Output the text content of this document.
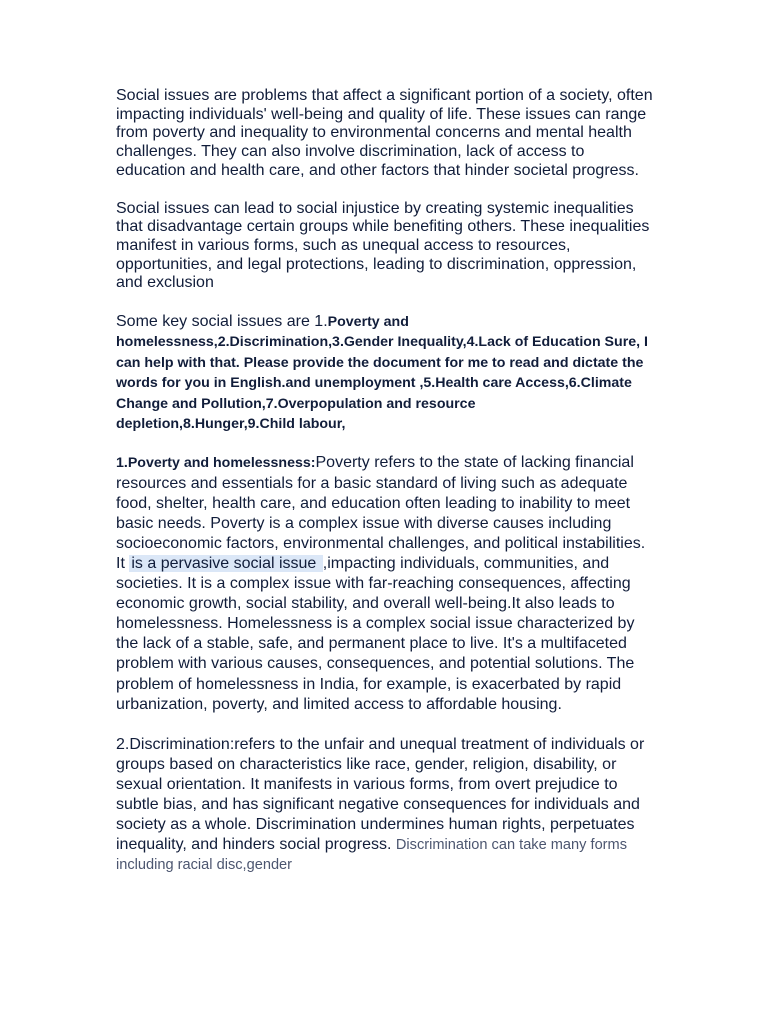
Social issues are problems that affect a significant portion of a society, often impacting individuals' well-being and quality of life. These issues can range from poverty and inequality to environmental concerns and mental health challenges. They can also involve discrimination, lack of access to education and health care, and other factors that hinder societal progress.

Social issues can lead to social injustice by creating systemic inequalities that disadvantage certain groups while benefiting others. These inequalities manifest in various forms, such as unequal access to resources, opportunities, and legal protections, leading to discrimination, oppression, and exclusion

Some key social issues are 1.Poverty and homelessness,2.Discrimination,3.Gender Inequality,4.Lack of Education Sure, I can help with that. Please provide the document for me to read and dictate the words for you in English.and unemployment ,5.Health care Access,6.Climate Change and Pollution,7.Overpopulation and resource depletion,8.Hunger,9.Child labour,

1.Poverty and homelessness:Poverty refers to the state of lacking financial resources and essentials for a basic standard of living such as adequate food, shelter, health care, and education often leading to inability to meet basic needs. Poverty is a complex issue with diverse causes including socioeconomic factors, environmental challenges, and political instabilities. It is a pervasive social issue ,impacting individuals, communities, and societies. It is a complex issue with far-reaching consequences, affecting economic growth, social stability, and overall well-being.It also leads to homelessness. Homelessness is a complex social issue characterized by the lack of a stable, safe, and permanent place to live. It's a multifaceted problem with various causes, consequences, and potential solutions. The problem of homelessness in India, for example, is exacerbated by rapid urbanization, poverty, and limited access to affordable housing.

2.Discrimination:refers to the unfair and unequal treatment of individuals or groups based on characteristics like race, gender, religion, disability, or sexual orientation. It manifests in various forms, from overt prejudice to subtle bias, and has significant negative consequences for individuals and society as a whole. Discrimination undermines human rights, perpetuates inequality, and hinders social progress. Discrimination can take many forms including racial disc,gender
